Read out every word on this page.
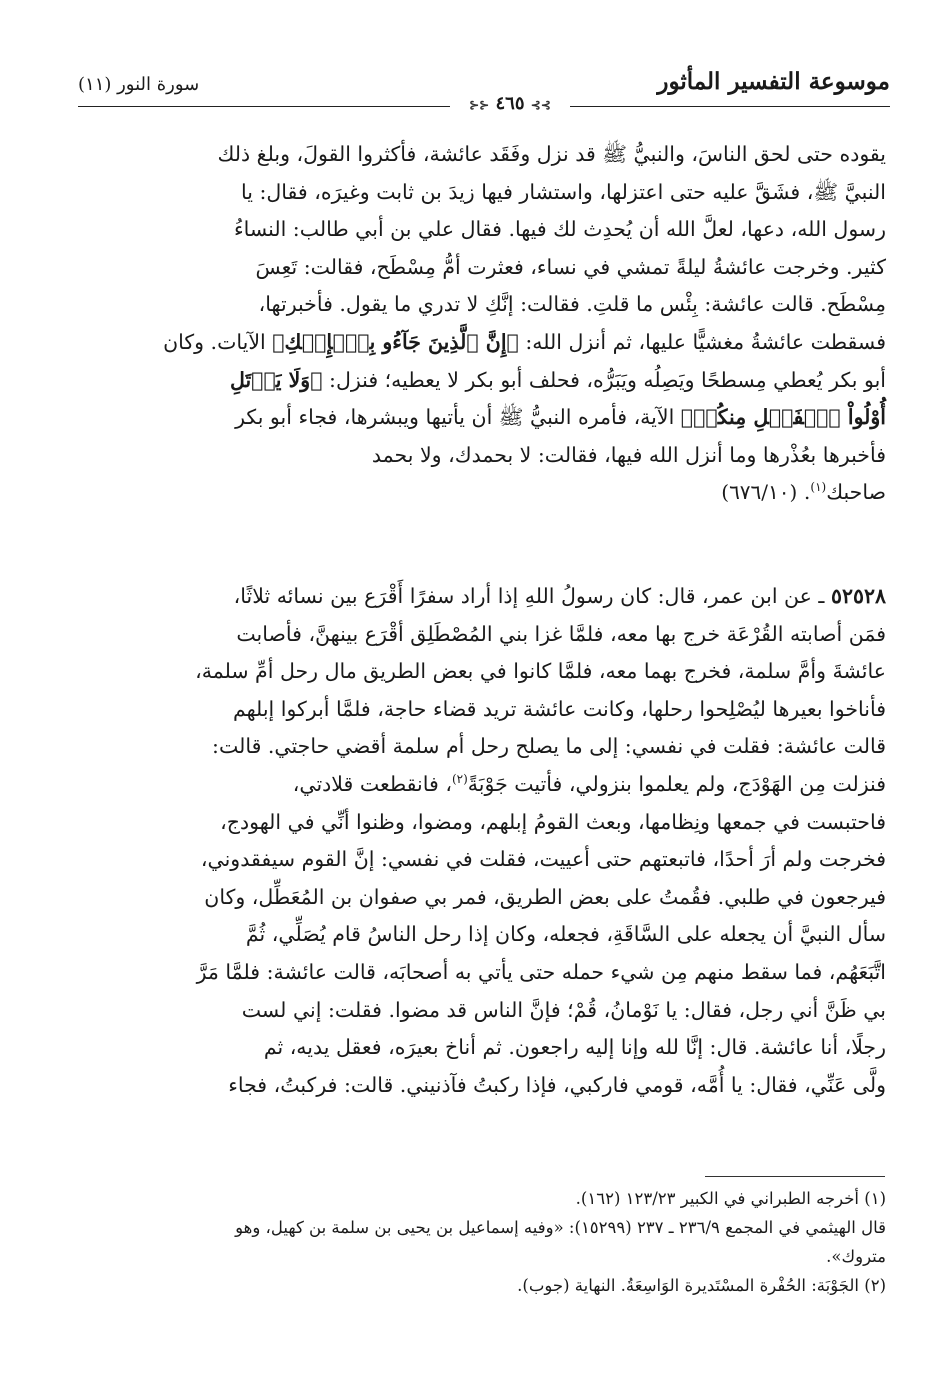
موسوعة التفسير المأثور
سورة النور (١١)
⊱⊱ ٤٦٥ ⊰⊰
يقوده حتى لحق الناسَ، والنبيُّ ﷺ قد نزل وفَقَد عائشة، فأكثروا القولَ، وبلغ ذلك
النبيَّ ﷺ، فشَقَّ عليه حتى اعتزلها، واستشار فيها زيدَ بن ثابت وغيرَه، فقال: يا
رسول الله، دعها، لعلَّ الله أن يُحدِث لك فيها. فقال علي بن أبي طالب: النساءُ
كثير. وخرجت عائشةُ ليلةً تمشي في نساء، فعثرت أمُّ مِسْطَح، فقالت: تَعِسَ
مِسْطَح. قالت عائشة: بِئْس ما قلتِ. فقالت: إنَّكِ لا تدري ما يقول. فأخبرتها،
فسقطت عائشةُ مغشيًّا عليها، ثم أنزل الله: ﴿إِنَّ ٱلَّذِينَ جَآءُو بِٱلۡإِفۡكِ﴾ الآيات. وكان
أبو بكر يُعطي مِسطحًا ويَصِلُه ويَبَرُّه، فحلف أبو بكر لا يعطيه؛ فنزل: ﴿وَلَا يَأۡتَلِ
أُوْلُواْ ٱلۡفَضۡلِ مِنكُمۡ﴾ الآية، فأمره النبيُّ ﷺ أن يأتيها ويبشرها، فجاء أبو بكر
فأخبرها بعُذْرها وما أنزل الله فيها، فقالت: لا بحمدك، ولا بحمد
صاحبك$^{(١)}$. (٦٧٦/١٠)
٥٢٥٢٨ ـ عن ابن عمر، قال: كان رسولُ اللهِ إذا أراد سفرًا أَقْرَع بين نسائه ثلاثًا،
فمَن أصابته القُرْعَة خرج بها معه، فلمَّا غزا بني المُصْطَلِق أقْرَع بينهنَّ، فأصابت
عائشةَ وأمَّ سلمة، فخرج بهما معه، فلمَّا كانوا في بعض الطريق مال رحل أمِّ سلمة،
فأناخوا بعيرها ليُصْلِحوا رحلها، وكانت عائشة تريد قضاء حاجة، فلمَّا أبركوا إبلهم
قالت عائشة: فقلت في نفسي: إلى ما يصلح رحل أم سلمة أقضي حاجتي. قالت:
فنزلت مِن الهَوْدَج، ولم يعلموا بنزولي، فأتيت جَوْبَةً$^{(٢)}$، فانقطعت قلادتي،
فاحتبست في جمعها ونِظامها، وبعث القومُ إبلهم، ومضوا، وظنوا أنِّي في الهودج،
فخرجت ولم أرَ أحدًا، فاتبعتهم حتى أعييت، فقلت في نفسي: إنَّ القوم سيفقدوني،
فيرجعون في طلبي. فقُمتُ على بعض الطريق، فمر بي صفوان بن المُعَطِّل، وكان
سأل النبيَّ أن يجعله على السَّاقَةِ، فجعله، وكان إذا رحل الناسُ قام يُصَلِّي، ثُمَّ
اتَّبَعَهُم، فما سقط منهم مِن شيء حمله حتى يأتي به أصحابَه، قالت عائشة: فلمَّا مَرَّ
بي ظَنَّ أني رجل، فقال: يا نَوْمانُ، قُمْ؛ فإنَّ الناس قد مضوا. فقلت: إني لست
رجلًا، أنا عائشة. قال: إنَّا لله وإنا إليه راجعون. ثم أناخ بعيرَه، فعقل يديه، ثم
ولَّى عَنِّي، فقال: يا أُمَّه، قومي فاركبي، فإذا ركبتُ فآذنيني. قالت: فركبتُ، فجاء

(١) أخرجه الطبراني في الكبير ١٢٣/٢٣ (١٦٢).

قال الهيثمي في المجمع ٢٣٦/٩ ـ ٢٣٧ (١٥٢٩٩): «وفيه إسماعيل بن يحيى بن سلمة بن كهيل، وهو

متروك».

(٢) الجَوْبَة: الحُفْرة المسْتَديرة الوَاسِعَةُ. النهاية (جوب).
